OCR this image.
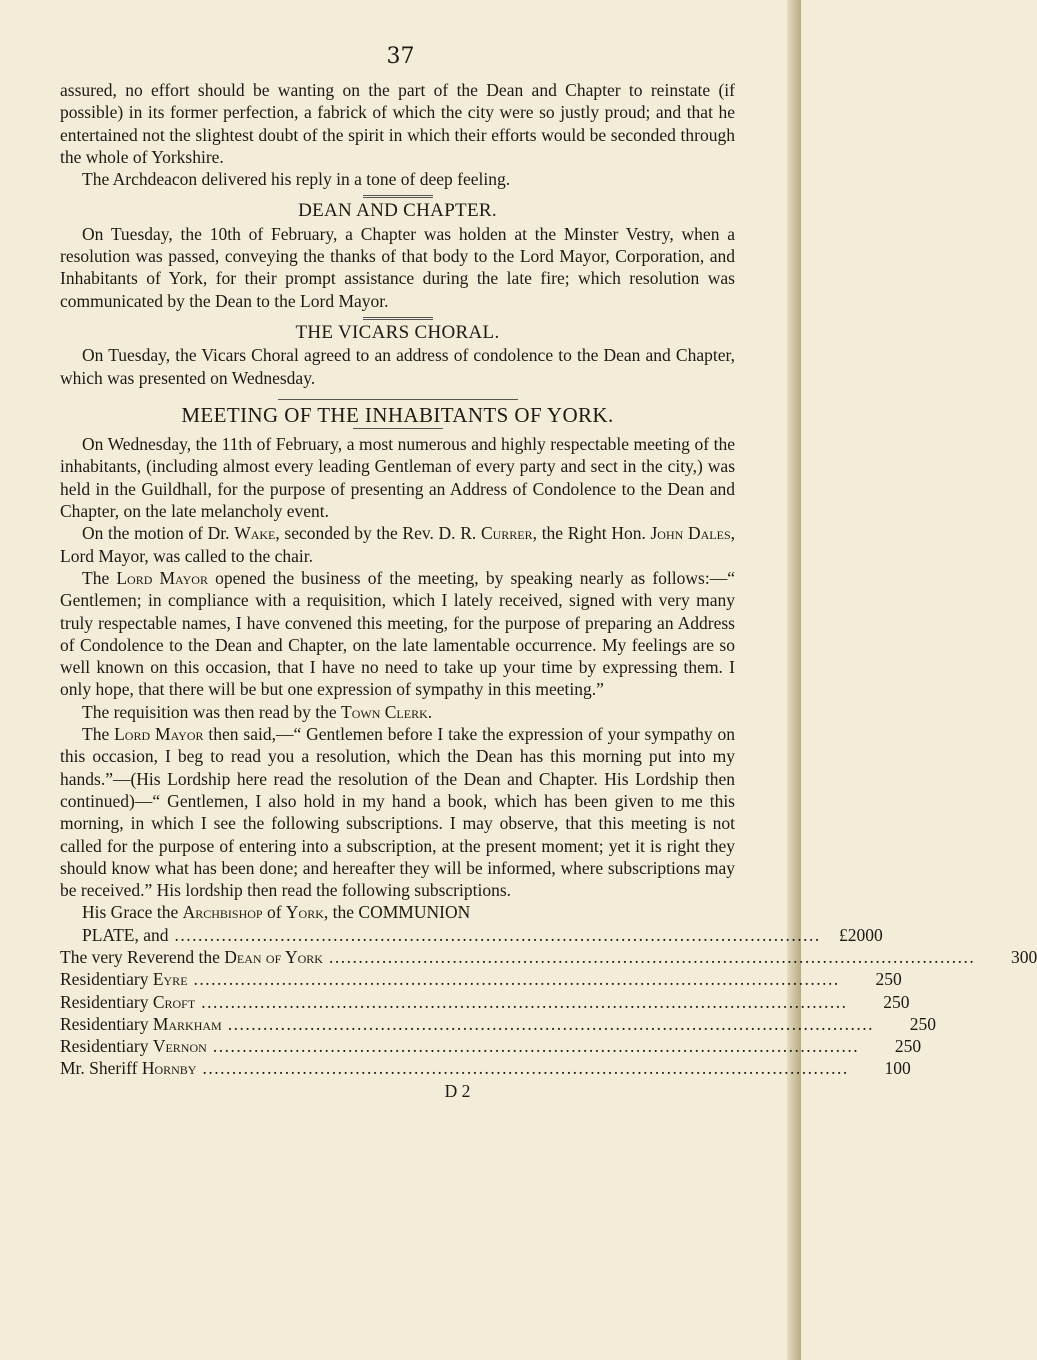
37

assured, no effort should be wanting on the part of the Dean and Chapter to reinstate (if possible) in its former perfection, a fabrick of which the city were so justly proud; and that he entertained not the slightest doubt of the spirit in which their efforts would be seconded through the whole of Yorkshire.

The Archdeacon delivered his reply in a tone of deep feeling.

DEAN AND CHAPTER.

On Tuesday, the 10th of February, a Chapter was holden at the Minster Vestry, when a resolution was passed, conveying the thanks of that body to the Lord Mayor, Corporation, and Inhabitants of York, for their prompt assistance during the late fire; which resolution was communicated by the Dean to the Lord Mayor.

THE VICARS CHORAL.

On Tuesday, the Vicars Choral agreed to an address of condolence to the Dean and Chapter, which was presented on Wednesday.

MEETING OF THE INHABITANTS OF YORK.

On Wednesday, the 11th of February, a most numerous and highly respectable meeting of the inhabitants, (including almost every leading Gentleman of every party and sect in the city,) was held in the Guildhall, for the purpose of presenting an Address of Condolence to the Dean and Chapter, on the late melancholy event.

On the motion of Dr. Wake, seconded by the Rev. D. R. Currer, the Right Hon. John Dales, Lord Mayor, was called to the chair.

The Lord Mayor opened the business of the meeting, by speaking nearly as follows:—“ Gentlemen; in compliance with a requisition, which I lately received, signed with very many truly respectable names, I have convened this meeting, for the purpose of preparing an Address of Condolence to the Dean and Chapter, on the late lamentable occurrence. My feelings are so well known on this occasion, that I have no need to take up your time by expressing them. I only hope, that there will be but one expression of sympathy in this meeting.”

The requisition was then read by the Town Clerk.

The Lord Mayor then said,—“ Gentlemen before I take the expression of your sympathy on this occasion, I beg to read you a resolution, which the Dean has this morning put into my hands.”—(His Lordship here read the resolution of the Dean and Chapter. His Lordship then continued)—“ Gentlemen, I also hold in my hand a book, which has been given to me this morning, in which I see the following subscriptions. I may observe, that this meeting is not called for the purpose of entering into a subscription, at the present moment; yet it is right they should know what has been done; and hereafter they will be informed, where subscriptions may be received.” His lordship then read the following subscriptions.

His Grace the Archbishop of York, the COMMUNION

PLATE, and ..............................................................................................................	£2000
The very Reverend the Dean of York ..............................................................................................................	300
Residentiary Eyre ..............................................................................................................	250
Residentiary Croft ..............................................................................................................	250
Residentiary Markham ..............................................................................................................	250
Residentiary Vernon ..............................................................................................................	250
Mr. Sheriff Hornby ..............................................................................................................	100

D 2
